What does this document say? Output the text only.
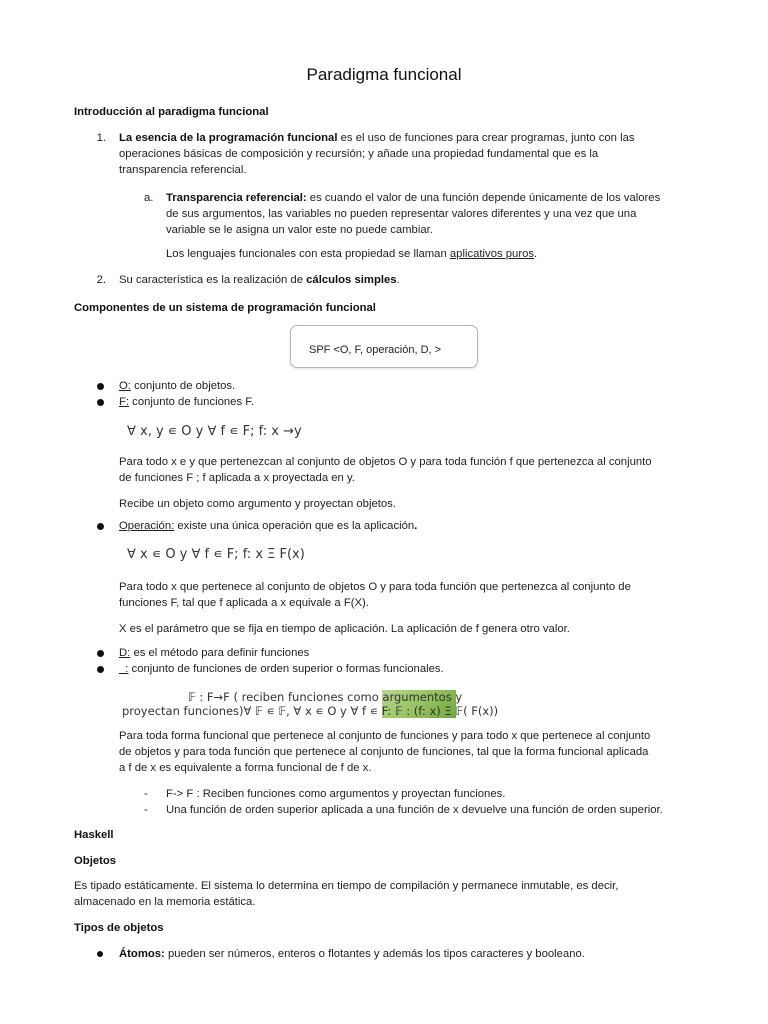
Paradigma funcional
Introducción al paradigma funcional
1. La esencia de la programación funcional es el uso de funciones para crear programas, junto con las
operaciones básicas de composición y recursión; y añade una propiedad fundamental que es la
transparencia referencial.
a. Transparencia referencial: es cuando el valor de una función depende únicamente de los valores
de sus argumentos, las variables no pueden representar valores diferentes y una vez que una
variable se le asigna un valor este no puede cambiar.
Los lenguajes funcionales con esta propiedad se llaman aplicativos puros.
2. Su característica es la realización de cálculos simples.
Componentes de un sistema de programación funcional
SPF <O, F, operación, D, >
O: conjunto de objetos.
F: conjunto de funciones F.
∀ x, y ∊ O y ∀ f ∊ F; f: x →y
Para todo x e y que pertenezcan al conjunto de objetos O y para toda función f que pertenezca al conjunto
de funciones F ; f aplicada a x proyectada en y.
Recibe un objeto como argumento y proyectan objetos.
Operación: existe una única operación que es la aplicación.
∀ x ∊ O y ∀ f ∊ F; f: x Ξ F(x)
Para todo x que pertenece al conjunto de objetos O y para toda función que pertenezca al conjunto de
funciones F, tal que f aplicada a x equivale a F(X).
X es el parámetro que se fija en tiempo de aplicación. La aplicación de f genera otro valor.
D: es el método para definir funciones
: conjunto de funciones de orden superior o formas funcionales.
𝔽 : F→F ( reciben funciones como argumentos y
proyectan funciones)∀ 𝔽 ∊ 𝔽, ∀ x ∊ O y ∀ f ∊ F: 𝔽 : (f: x) Ξ 𝔽( F(x))
Para toda forma funcional que pertenece al conjunto de funciones y para todo x que pertenece al conjunto
de objetos y para toda función que pertenece al conjunto de funciones, tal que la forma funcional aplicada
a f de x es equivalente a forma funcional de f de x.
-	F-> F : Reciben funciones como argumentos y proyectan funciones.
-	Una función de orden superior aplicada a una función de x devuelve una función de orden superior.
Haskell
Objetos
Es tipado estáticamente. El sistema lo determina en tiempo de compilación y permanece inmutable, es decir,
almacenado en la memoria estática.
Tipos de objetos
Átomos: pueden ser números, enteros o flotantes y además los tipos caracteres y booleano.
